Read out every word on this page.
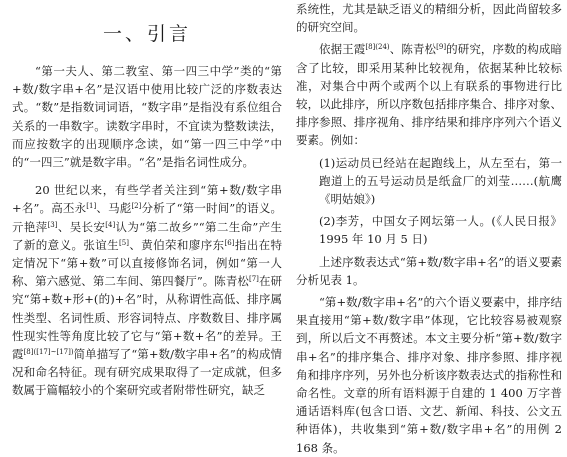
一、引言

“第一夫人、第二教室、第一四三中学”类的“第+数/数字串+名”是汉语中使用比较广泛的序数表达式。“数”是指数词词语，“数字串”是指没有系位组合关系的一串数字。读数字串时，不宜读为整数读法，而应按数字的出现顺序念读，如“第一四三中学”中的“一四三”就是数字串。“名”是指名词性成分。

20 世纪以来，有些学者关注到“第+数/数字串+名”。高丕永[1]、马彪[2]分析了“第一时间”的语义。亓艳萍[3]、吴长安[4]认为“第二故乡”“第二生命”产生了新的意义。张谊生[5]、黄伯荣和廖序东[6]指出在特定情况下“第+数”可以直接修饰名词，例如“第一人称、第六感觉、第二车间、第四餐厅”。陈青松[7]在研究“第+数+形+(的)+名”时，从称谓性高低、排序属性类型、名词性质、形容词特点、序数数目、排序属性现实性等角度比较了它与“第+数+名”的差异。王霞$^{[8]([17]\sim[17])}$简单描写了“第+数/数字串+名”的构成情况和命名特征。现有研究成果取得了一定成就，但多数属于篇幅较小的个案研究或者附带性研究，缺乏

系统性，尤其是缺乏语义的精细分析，因此尚留较多的研究空间。

依据王霞$^{[8](24)}$、陈青松[9]的研究，序数的构成暗含了比较，即采用某种比较视角，依据某种比较标准，对集合中两个或两个以上有联系的事物进行比较，以此排序，所以序数包括排序集合、排序对象、排序参照、排序视角、排序结果和排序序列六个语义要素。例如：

(1)运动员已经站在起跑线上，从左至右，第一跑道上的五号运动员是纸盒厂的刘莹……(航鹰《明姑娘》)

(2)李芳，中国女子网坛第一人。(《人民日报》1995 年 10 月 5 日)

上述序数表达式“第+数/数字串+名”的语义要素分析见表 1。

“第+数/数字串+名”的六个语义要素中，排序结果直接用“第+数/数字串”体现，它比较容易被观察到，所以后文不再赘述。本文主要分析“第+数/数字串+名”的排序集合、排序对象、排序参照、排序视角和排序序列，另外也分析该序数表达式的指称性和命名性。文章的所有语料源于自建的 1 400 万字普通话语料库(包含口语、文艺、新闻、科技、公文五种语体)，共收集到“第+数/数字串+名”的用例 2 168 条。
